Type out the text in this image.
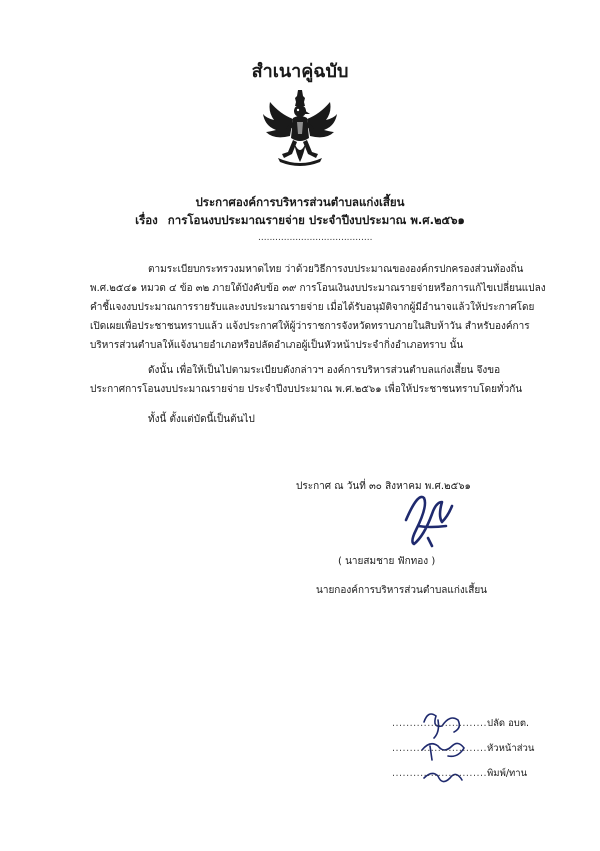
สำเนาคู่ฉบับ
ประกาศองค์การบริหารส่วนตำบลแก่งเสี้ยน
เรื่อง การโอนงบประมาณรายจ่าย ประจำปีงบประมาณ พ.ศ.๒๕๖๑
........................................
ตามระเบียบกระทรวงมหาดไทย ว่าด้วยวิธีการงบประมาณขององค์กรปกครองส่วนท้องถิ่น
พ.ศ.๒๕๔๑ หมวด ๔ ข้อ ๓๒ ภายใต้บังคับข้อ ๓๙ การโอนเงินงบประมาณรายจ่ายหรือการแก้ไขเปลี่ยนแปลง
คำชี้แจงงบประมาณการรายรับและงบประมาณรายจ่าย เมื่อได้รับอนุมัติจากผู้มีอำนาจแล้วให้ประกาศโดย
เปิดเผยเพื่อประชาชนทราบแล้ว แจ้งประกาศให้ผู้ว่าราชการจังหวัดทราบภายในสิบห้าวัน สำหรับองค์การ
บริหารส่วนตำบลให้แจ้งนายอำเภอหรือปลัดอำเภอผู้เป็นหัวหน้าประจำกิ่งอำเภอทราบ นั้น
ดังนั้น เพื่อให้เป็นไปตามระเบียบดังกล่าวฯ องค์การบริหารส่วนตำบลแก่งเสี้ยน จึงขอ
ประกาศการโอนงบประมาณรายจ่าย ประจำปีงบประมาณ พ.ศ.๒๕๖๑ เพื่อให้ประชาชนทราบโดยทั่วกัน
ทั้งนี้ ตั้งแต่บัดนี้เป็นต้นไป
ประกาศ ณ วันที่ ๓๐ สิงหาคม พ.ศ.๒๕๖๑
( นายสมชาย ฟักทอง )
นายกองค์การบริหารส่วนตำบลแก่งเสี้ยน
...........................ปลัด อบต.
...........................หัวหน้าส่วน
...........................พิมพ์/ทาน
